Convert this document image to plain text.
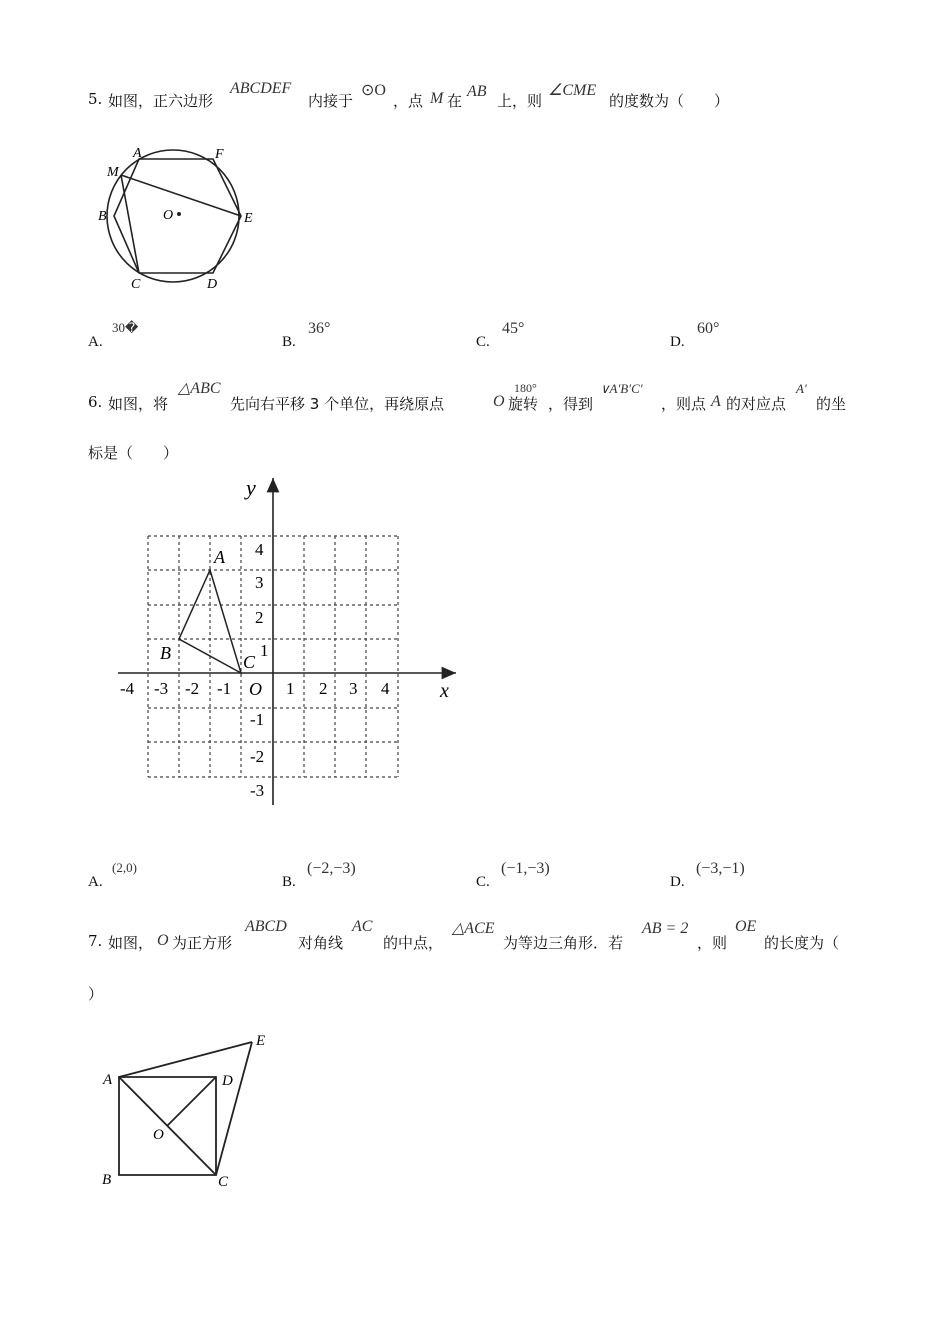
5. 如图，正六边形
ABCDEF
内接于
⊙O
，点 M 在
AB
上，则
∠CME
的度数为（　　）
A	F
M
B	O	E
C	D
A.
30�
B.
36°
C.
45°
D.
60°
6. 如图，将
△ABC
先向右平移 3 个单位，再绕原点	O 旋转
180°
，得到
∨A′B′C′
，则点 A 的对应点
A′
的坐
标是（　　）
y
x
O
A
B	C
-4 -3 -2 -1	1 2 3 4
4
3
2
1
-1
-2
-3
A.
(2,0)
B.
(−2,−3)
C.
(−1,−3)
D.
(−3,−1)
7. 如图， O 为正方形
ABCD
对角线
AC
的中点，
△ACE
为等边三角形．若
AB = 2
，则
OE
的长度为（
）
A	D
E
O
B	C
